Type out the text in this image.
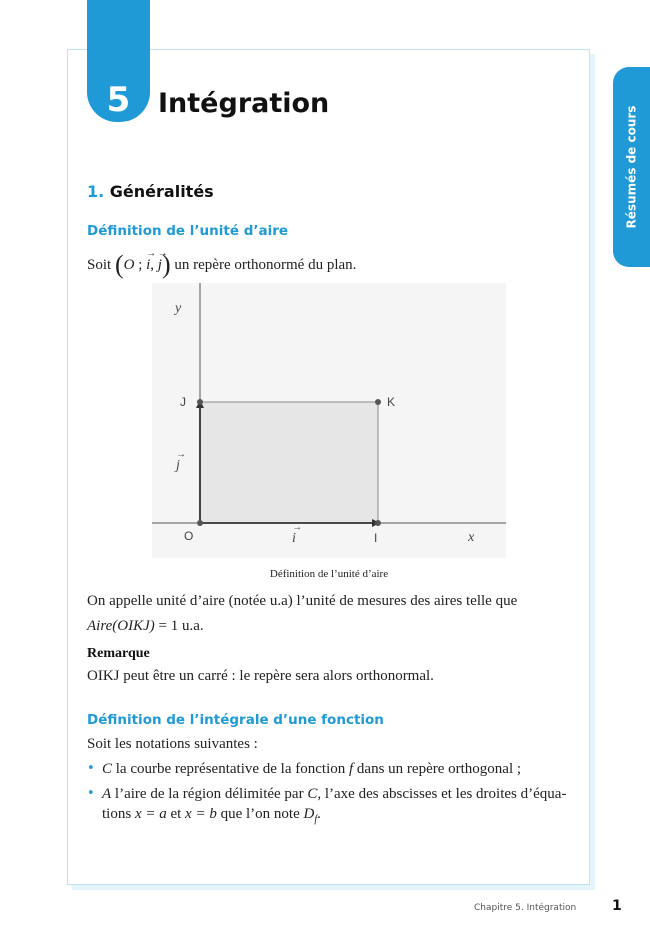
5	Intégration
Résumés de cours
1. Généralités
Définition de l’unité d’aire

Soit (O ; → i, → j) un repère orthonormé du plan.

y
x
J	K
O	I
→ i
→ j

Définition de l’unité d’aire

On appelle unité d’aire (notée u.a) l’unité de mesures des aires telle que

Aire(OIKJ) = 1 u.a.

Remarque

OIKJ peut être un carré : le repère sera alors orthonormal.

Définition de l’intégrale d’une fonction

Soit les notations suivantes :

• C la courbe représentative de la fonction f dans un repère orthogonal ;

• A l’aire de la région délimitée par C, l’axe des abscisses et les droites d’équa-

tions x = a et x = b que l’on note $D_f$.

Chapitre 5. Intégration	1
